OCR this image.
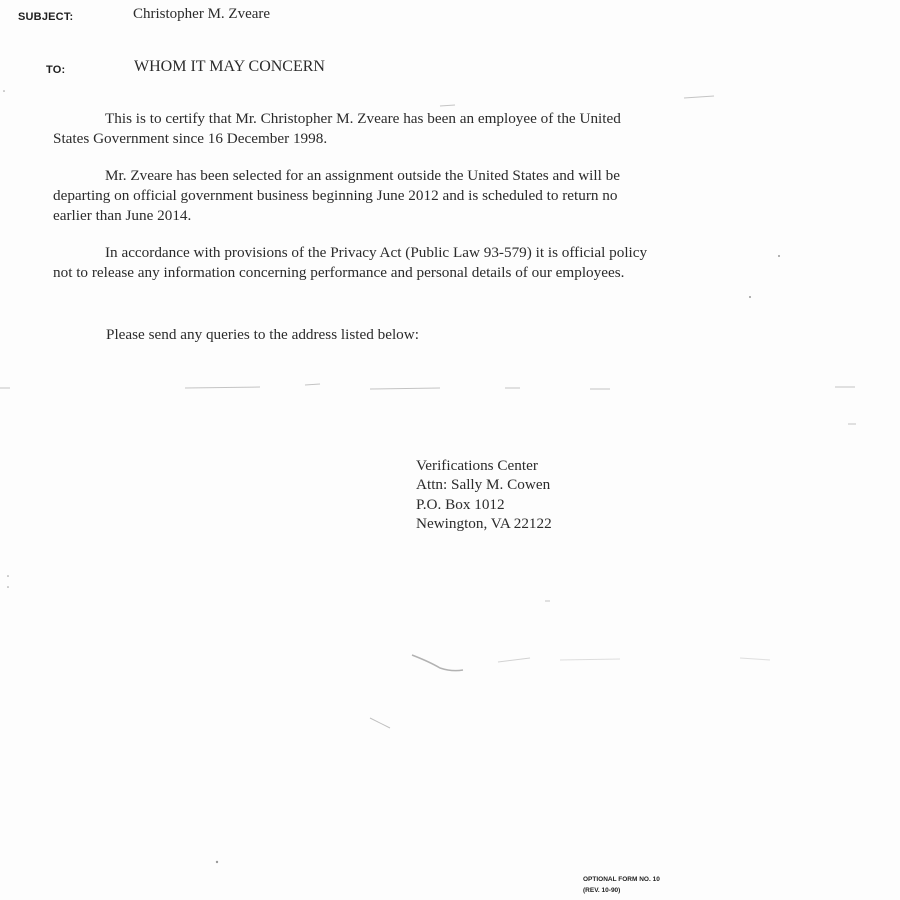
SUBJECT:	Christopher M. Zveare
TO:	WHOM IT MAY CONCERN
This is to certify that Mr. Christopher M. Zveare has been an employee of the United
States Government since 16 December 1998.
Mr. Zveare has been selected for an assignment outside the United States and will be
departing on official government business beginning June 2012 and is scheduled to return no
earlier than June 2014.
In accordance with provisions of the Privacy Act (Public Law 93-579) it is official policy
not to release any information concerning performance and personal details of our employees.
Please send any queries to the address listed below:
Verifications Center
Attn: Sally M. Cowen
P.O. Box 1012
Newington, VA 22122
OPTIONAL FORM NO. 10
(REV. 10-90)
